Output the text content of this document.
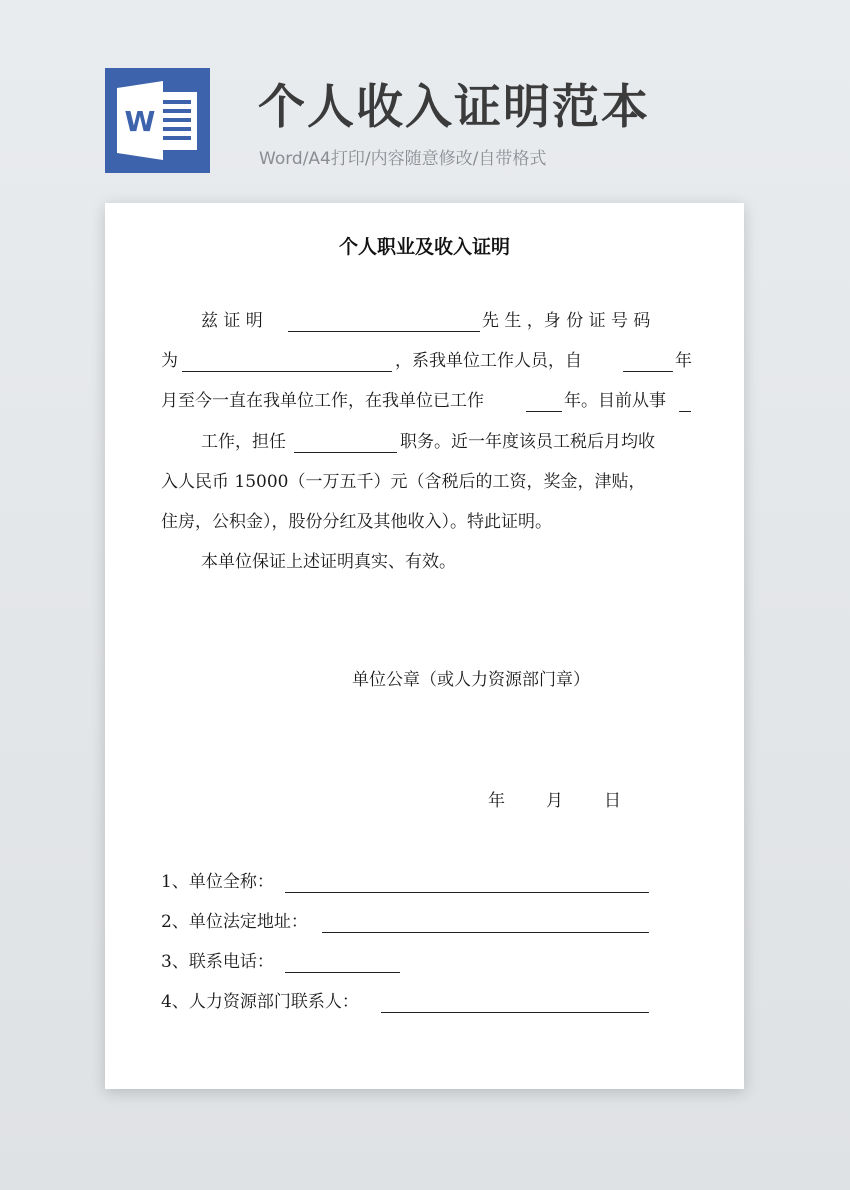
W 个人收入证明范本
Word/A4打印/内容随意修改/自带格式
个人职业及收入证明
兹 证 明	先 生 ，身 份 证 号 码
为	，系我单位工作人员，自	年
月至今一直在我单位工作，在我单位已工作	年。目前从事
工作，担任	职务。近一年度该员工税后月均收
入人民币 15000（一万五千）元（含税后的工资，奖金，津贴，
住房，公积金），股份分红及其他收入）。特此证明。
本单位保证上述证明真实、有效。
单位公章（或人力资源部门章）
年 月 日
1、单位全称：
2、单位法定地址：
3、联系电话：
4、人力资源部门联系人：
